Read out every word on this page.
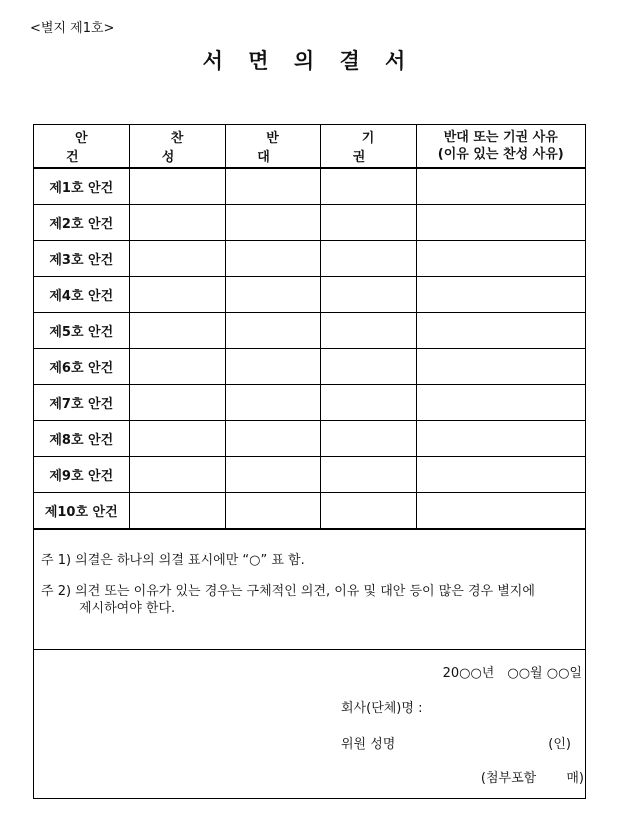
<별지 제1호>
서 면 의 결 서
안 건	찬 성	반 대	기 권	반대 또는 기권 사유
(이유 있는 찬성 사유)

제1호 안건				
제2호 안건				
제3호 안건				
제4호 안건				
제5호 안건				
제6호 안건				
제7호 안건				
제8호 안건				
제9호 안건				
제10호 안건				
주 1) 의결은 하나의 의결 표시에만 “○” 표 함.
주 2) 의견 또는 이유가 있는 경우는 구체적인 의견, 이유 및 대안 등이 많은 경우 별지에
제시하여야 한다.
20○○년　○○월 ○○일
회사(단체)명 :
위원 성명	(인)
(첨부포함　　 매)
